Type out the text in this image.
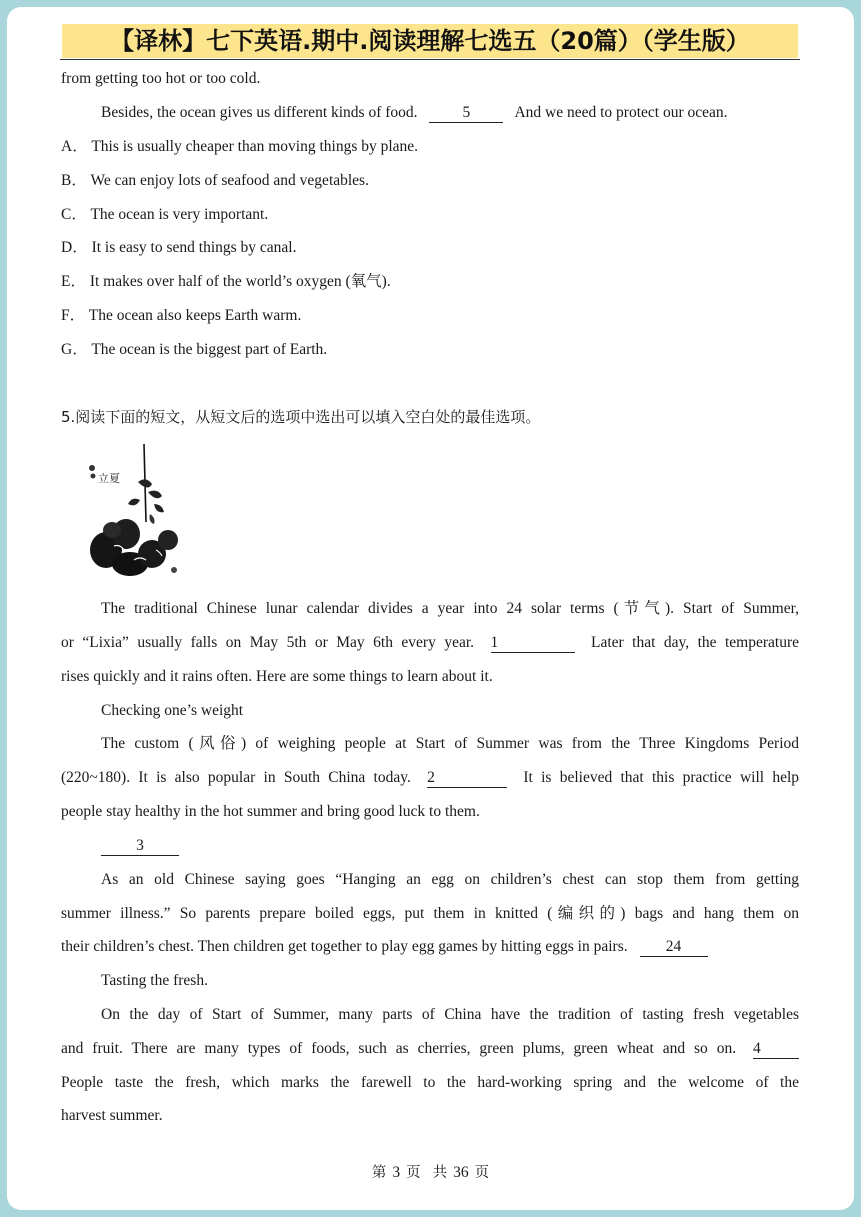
【译林】七下英语.期中.阅读理解七选五（20篇）（学生版）
from getting too hot or too cold.
Besides, the ocean gives us different kinds of food.	5	And we need to protect our ocean.
A． This is usually cheaper than moving things by plane.
B． We can enjoy lots of seafood and vegetables.
C． The ocean is very important.
D． It is easy to send things by canal.
E． It makes over half of the world’s oxygen (氧气).
F． The ocean also keeps Earth warm.
G． The ocean is the biggest part of Earth.
5.阅读下面的短文，从短文后的选项中选出可以填入空白处的最佳选项。
立夏
The traditional Chinese lunar calendar divides a year into 24 solar terms (节气). Start of Summer,
or “Lixia” usually falls on May 5th or May 6th every year. 1	Later that day, the temperature
rises quickly and it rains often. Here are some things to learn about it.
Checking one’s weight
The custom (风俗) of weighing people at Start of Summer was from the Three Kingdoms Period
(220~180). It is also popular in South China today. 2	It is believed that this practice will help
people stay healthy in the hot summer and bring good luck to them.
3
As an old Chinese saying goes “Hanging an egg on children’s chest can stop them from getting
summer illness.” So parents prepare boiled eggs, put them in knitted (编织的) bags and hang them on
their children’s chest. Then children get together to play egg games by hitting eggs in pairs. 24
Tasting the fresh.
On the day of Start of Summer, many parts of China have the tradition of tasting fresh vegetables
and fruit. There are many types of foods, such as cherries, green plums, green wheat and so on. 4
People taste the fresh, which marks the farewell to the hard-working spring and the welcome of the
harvest summer.
第 3 页 共 36 页
